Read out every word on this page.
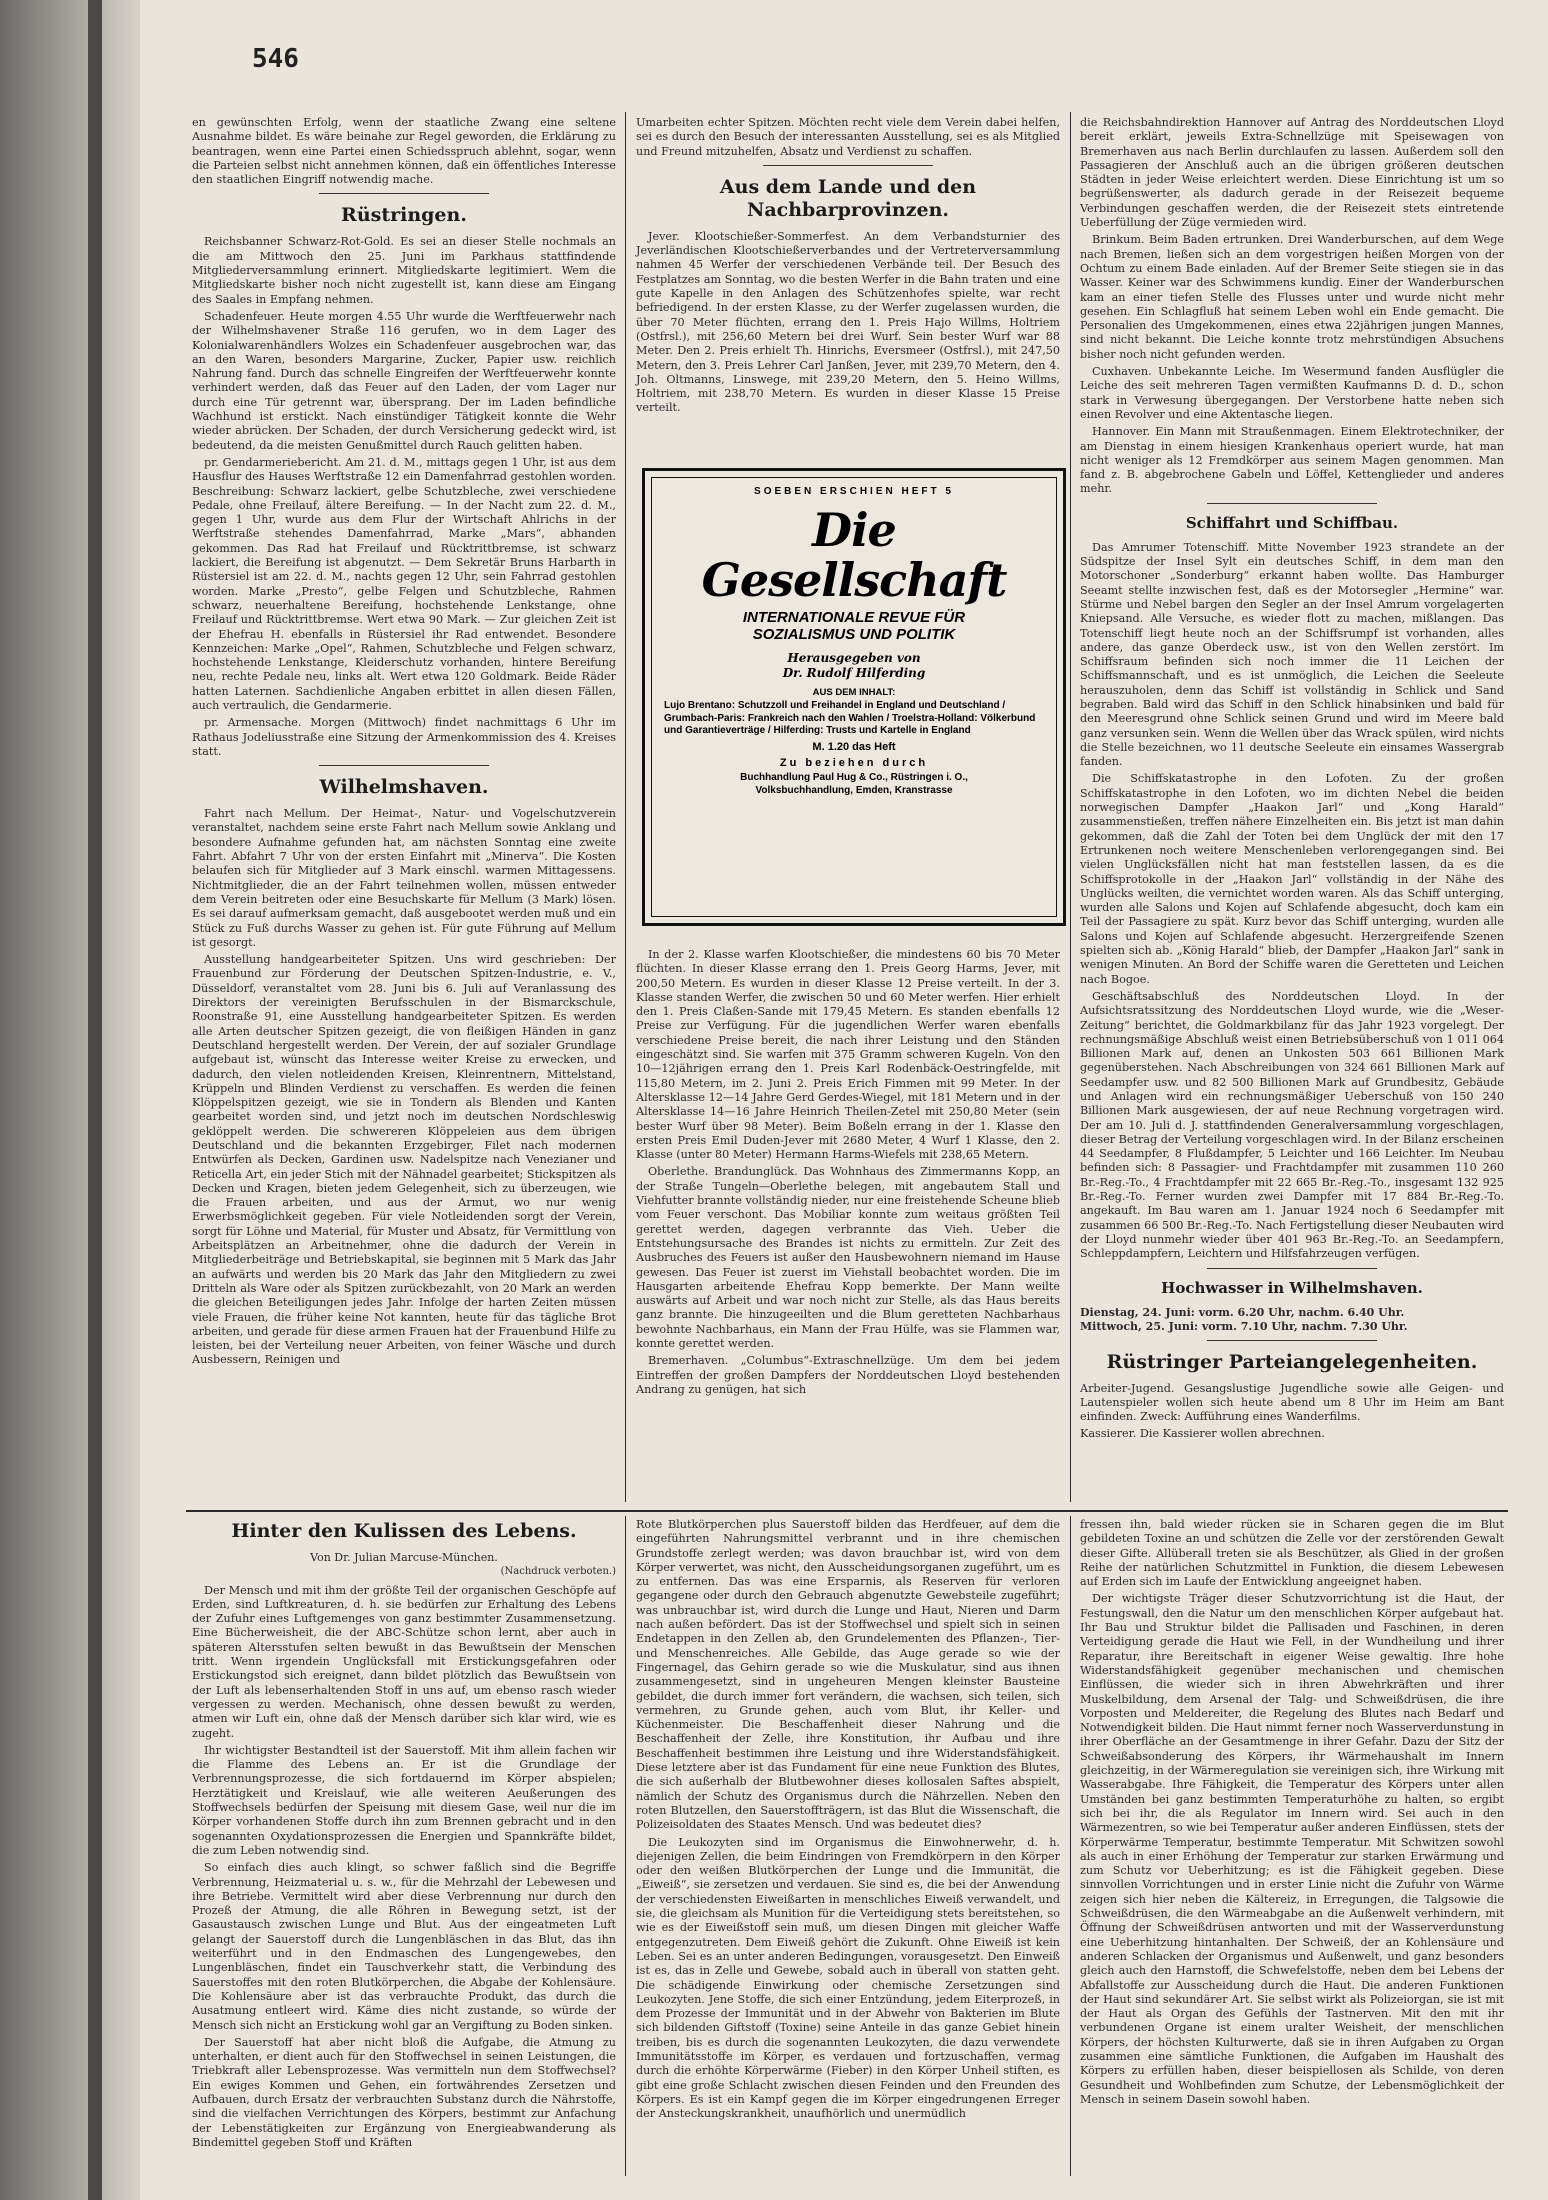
546

en gewünschten Erfolg, wenn der staatliche Zwang eine seltene Ausnahme bildet. Es wäre beinahe zur Regel geworden, die Erklärung zu beantragen, wenn eine Partei einen Schiedsspruch ablehnt, sogar, wenn die Parteien selbst nicht annehmen können, daß ein öffentliches Interesse den staatlichen Eingriff notwendig mache.

Rüstringen.

Reichsbanner Schwarz-Rot-Gold. Es sei an dieser Stelle nochmals an die am Mittwoch den 25. Juni im Parkhaus stattfindende Mitgliederversammlung erinnert. Mitgliedskarte legitimiert. Wem die Mitgliedskarte bisher noch nicht zugestellt ist, kann diese am Eingang des Saales in Empfang nehmen.

Schadenfeuer. Heute morgen 4.55 Uhr wurde die Werftfeuerwehr nach der Wilhelmshavener Straße 116 gerufen, wo in dem Lager des Kolonialwarenhändlers Wolzes ein Schadenfeuer ausgebrochen war, das an den Waren, besonders Margarine, Zucker, Papier usw. reichlich Nahrung fand. Durch das schnelle Eingreifen der Werftfeuerwehr konnte verhindert werden, daß das Feuer auf den Laden, der vom Lager nur durch eine Tür getrennt war, übersprang. Der im Laden befindliche Wachhund ist erstickt. Nach einstündiger Tätigkeit konnte die Wehr wieder abrücken. Der Schaden, der durch Versicherung gedeckt wird, ist bedeutend, da die meisten Genußmittel durch Rauch gelitten haben.

pr. Gendarmeriebericht. Am 21. d. M., mittags gegen 1 Uhr, ist aus dem Hausflur des Hauses Werftstraße 12 ein Damenfahrrad gestohlen worden. Beschreibung: Schwarz lackiert, gelbe Schutzbleche, zwei verschiedene Pedale, ohne Freilauf, ältere Bereifung. — In der Nacht zum 22. d. M., gegen 1 Uhr, wurde aus dem Flur der Wirtschaft Ahlrichs in der Werftstraße stehendes Damenfahrrad, Marke „Mars“, abhanden gekommen. Das Rad hat Freilauf und Rücktrittbremse, ist schwarz lackiert, die Bereifung ist abgenutzt. — Dem Sekretär Bruns Harbarth in Rüstersiel ist am 22. d. M., nachts gegen 12 Uhr, sein Fahrrad gestohlen worden. Marke „Presto“, gelbe Felgen und Schutzbleche, Rahmen schwarz, neuerhaltene Bereifung, hochstehende Lenkstange, ohne Freilauf und Rücktrittbremse. Wert etwa 90 Mark. — Zur gleichen Zeit ist der Ehefrau H. ebenfalls in Rüstersiel ihr Rad entwendet. Besondere Kennzeichen: Marke „Opel“, Rahmen, Schutzbleche und Felgen schwarz, hochstehende Lenkstange, Kleiderschutz vorhanden, hintere Bereifung neu, rechte Pedale neu, links alt. Wert etwa 120 Goldmark. Beide Räder hatten Laternen. Sachdienliche Angaben erbittet in allen diesen Fällen, auch vertraulich, die Gendarmerie.

pr. Armensache. Morgen (Mittwoch) findet nachmittags 6 Uhr im Rathaus Jodeliusstraße eine Sitzung der Armenkommission des 4. Kreises statt.

Wilhelmshaven.

Fahrt nach Mellum. Der Heimat-, Natur- und Vogelschutzverein veranstaltet, nachdem seine erste Fahrt nach Mellum sowie Anklang und besondere Aufnahme gefunden hat, am nächsten Sonntag eine zweite Fahrt. Abfahrt 7 Uhr von der ersten Einfahrt mit „Minerva“. Die Kosten belaufen sich für Mitglieder auf 3 Mark einschl. warmen Mittagessens. Nichtmitglieder, die an der Fahrt teilnehmen wollen, müssen entweder dem Verein beitreten oder eine Besuchskarte für Mellum (3 Mark) lösen. Es sei darauf aufmerksam gemacht, daß ausgebootet werden muß und ein Stück zu Fuß durchs Wasser zu gehen ist. Für gute Führung auf Mellum ist gesorgt.

Ausstellung handgearbeiteter Spitzen. Uns wird geschrieben: Der Frauenbund zur Förderung der Deutschen Spitzen-Industrie, e. V., Düsseldorf, veranstaltet vom 28. Juni bis 6. Juli auf Veranlassung des Direktors der vereinigten Berufsschulen in der Bismarckschule, Roonstraße 91, eine Ausstellung handgearbeiteter Spitzen. Es werden alle Arten deutscher Spitzen gezeigt, die von fleißigen Händen in ganz Deutschland hergestellt werden. Der Verein, der auf sozialer Grundlage aufgebaut ist, wünscht das Interesse weiter Kreise zu erwecken, und dadurch, den vielen notleidenden Kreisen, Kleinrentnern, Mittelstand, Krüppeln und Blinden Verdienst zu verschaffen. Es werden die feinen Klöppelspitzen gezeigt, wie sie in Tondern als Blenden und Kanten gearbeitet worden sind, und jetzt noch im deutschen Nordschleswig geklöppelt werden. Die schwereren Klöppeleien aus dem übrigen Deutschland und die bekannten Erzgebirger, Filet nach modernen Entwürfen als Decken, Gardinen usw. Nadelspitze nach Venezianer und Reticella Art, ein jeder Stich mit der Nähnadel gearbeitet; Stickspitzen als Decken und Kragen, bieten jedem Gelegenheit, sich zu überzeugen, wie die Frauen arbeiten, und aus der Armut, wo nur wenig Erwerbsmöglichkeit gegeben. Für viele Notleidenden sorgt der Verein, sorgt für Löhne und Material, für Muster und Absatz, für Vermittlung von Arbeitsplätzen an Arbeitnehmer, ohne die dadurch der Verein in Mitgliederbeiträge und Betriebskapital, sie beginnen mit 5 Mark das Jahr an aufwärts und werden bis 20 Mark das Jahr den Mitgliedern zu zwei Dritteln als Ware oder als Spitzen zurückbezahlt, von 20 Mark an werden die gleichen Beteiligungen jedes Jahr. Infolge der harten Zeiten müssen viele Frauen, die früher keine Not kannten, heute für das tägliche Brot arbeiten, und gerade für diese armen Frauen hat der Frauenbund Hilfe zu leisten, bei der Verteilung neuer Arbeiten, von feiner Wäsche und durch Ausbessern, Reinigen und

Umarbeiten echter Spitzen. Möchten recht viele dem Verein dabei helfen, sei es durch den Besuch der interessanten Ausstellung, sei es als Mitglied und Freund mitzuhelfen, Absatz und Verdienst zu schaffen.

Aus dem Lande und den Nachbarprovinzen.

Jever. Klootschießer-Sommerfest. An dem Verbandsturnier des Jeverländischen Klootschießerverbandes und der Vertreterversammlung nahmen 45 Werfer der verschiedenen Verbände teil. Der Besuch des Festplatzes am Sonntag, wo die besten Werfer in die Bahn traten und eine gute Kapelle in den Anlagen des Schützenhofes spielte, war recht befriedigend. In der ersten Klasse, zu der Werfer zugelassen wurden, die über 70 Meter flüchten, errang den 1. Preis Hajo Willms, Holtriem (Ostfrsl.), mit 256,60 Metern bei drei Wurf. Sein bester Wurf war 88 Meter. Den 2. Preis erhielt Th. Hinrichs, Eversmeer (Ostfrsl.), mit 247,50 Metern, den 3. Preis Lehrer Carl Janßen, Jever, mit 239,70 Metern, den 4. Joh. Oltmanns, Linswege, mit 239,20 Metern, den 5. Heino Willms, Holtriem, mit 238,70 Metern. Es wurden in dieser Klasse 15 Preise verteilt.

SOEBEN ERSCHIEN HEFT 5
Die
Gesellschaft
INTERNATIONALE REVUE FÜR
SOZIALISMUS UND POLITIK
Herausgegeben von
Dr. Rudolf Hilferding
AUS DEM INHALT:
Lujo Brentano: Schutzzoll und Freihandel in England und Deutschland / Grumbach-Paris: Frankreich nach den Wahlen / Troelstra-Holland: Völkerbund und Garantieverträge / Hilferding: Trusts und Kartelle in England
M. 1.20 das Heft
Zu beziehen durch
Buchhandlung Paul Hug & Co., Rüstringen i. O.,
Volksbuchhandlung, Emden, Kranstrasse

In der 2. Klasse warfen Klootschießer, die mindestens 60 bis 70 Meter flüchten. In dieser Klasse errang den 1. Preis Georg Harms, Jever, mit 200,50 Metern. Es wurden in dieser Klasse 12 Preise verteilt. In der 3. Klasse standen Werfer, die zwischen 50 und 60 Meter werfen. Hier erhielt den 1. Preis Claßen-Sande mit 179,45 Metern. Es standen ebenfalls 12 Preise zur Verfügung. Für die jugendlichen Werfer waren ebenfalls verschiedene Preise bereit, die nach ihrer Leistung und den Ständen eingeschätzt sind. Sie warfen mit 375 Gramm schweren Kugeln. Von den 10—12jährigen errang den 1. Preis Karl Rodenbäck-Oestringfelde, mit 115,80 Metern, im 2. Juni 2. Preis Erich Fimmen mit 99 Meter. In der Altersklasse 12—14 Jahre Gerd Gerdes-Wiegel, mit 181 Metern und in der Altersklasse 14—16 Jahre Heinrich Theilen-Zetel mit 250,80 Meter (sein bester Wurf über 98 Meter). Beim Boßeln errang in der 1. Klasse den ersten Preis Emil Duden-Jever mit 2680 Meter, 4 Wurf 1 Klasse, den 2. Klasse (unter 80 Meter) Hermann Harms-Wiefels mit 238,65 Metern.

Oberlethe. Brandunglück. Das Wohnhaus des Zimmermanns Kopp, an der Straße Tungeln—Oberlethe belegen, mit angebautem Stall und Viehfutter brannte vollständig nieder, nur eine freistehende Scheune blieb vom Feuer verschont. Das Mobiliar konnte zum weitaus größten Teil gerettet werden, dagegen verbrannte das Vieh. Ueber die Entstehungsursache des Brandes ist nichts zu ermitteln. Zur Zeit des Ausbruches des Feuers ist außer den Hausbewohnern niemand im Hause gewesen. Das Feuer ist zuerst im Viehstall beobachtet worden. Die im Hausgarten arbeitende Ehefrau Kopp bemerkte. Der Mann weilte auswärts auf Arbeit und war noch nicht zur Stelle, als das Haus bereits ganz brannte. Die hinzugeeilten und die Blum geretteten Nachbarhaus bewohnte Nachbarhaus, ein Mann der Frau Hülfe, was sie Flammen war, konnte gerettet werden.

Bremerhaven. „Columbus“-Extraschnellzüge. Um dem bei jedem Eintreffen der großen Dampfers der Norddeutschen Lloyd bestehenden Andrang zu genügen, hat sich

die Reichsbahndirektion Hannover auf Antrag des Norddeutschen Lloyd bereit erklärt, jeweils Extra-Schnellzüge mit Speisewagen von Bremerhaven aus nach Berlin durchlaufen zu lassen. Außerdem soll den Passagieren der Anschluß auch an die übrigen größeren deutschen Städten in jeder Weise erleichtert werden. Diese Einrichtung ist um so begrüßenswerter, als dadurch gerade in der Reisezeit bequeme Verbindungen geschaffen werden, die der Reisezeit stets eintretende Ueberfüllung der Züge vermieden wird.

Brinkum. Beim Baden ertrunken. Drei Wanderburschen, auf dem Wege nach Bremen, ließen sich an dem vorgestrigen heißen Morgen von der Ochtum zu einem Bade einladen. Auf der Bremer Seite stiegen sie in das Wasser. Keiner war des Schwimmens kundig. Einer der Wanderburschen kam an einer tiefen Stelle des Flusses unter und wurde nicht mehr gesehen. Ein Schlagfluß hat seinem Leben wohl ein Ende gemacht. Die Personalien des Umgekommenen, eines etwa 22jährigen jungen Mannes, sind nicht bekannt. Die Leiche konnte trotz mehrstündigen Absuchens bisher noch nicht gefunden werden.

Cuxhaven. Unbekannte Leiche. Im Wesermund fanden Ausflügler die Leiche des seit mehreren Tagen vermißten Kaufmanns D. d. D., schon stark in Verwesung übergegangen. Der Verstorbene hatte neben sich einen Revolver und eine Aktentasche liegen.

Hannover. Ein Mann mit Straußenmagen. Einem Elektrotechniker, der am Dienstag in einem hiesigen Krankenhaus operiert wurde, hat man nicht weniger als 12 Fremdkörper aus seinem Magen genommen. Man fand z. B. abgebrochene Gabeln und Löffel, Kettenglieder und anderes mehr.

Schiffahrt und Schiffbau.

Das Amrumer Totenschiff. Mitte November 1923 strandete an der Südspitze der Insel Sylt ein deutsches Schiff, in dem man den Motorschoner „Sonderburg“ erkannt haben wollte. Das Hamburger Seeamt stellte inzwischen fest, daß es der Motorsegler „Hermine“ war. Stürme und Nebel bargen den Segler an der Insel Amrum vorgelagerten Kniepsand. Alle Versuche, es wieder flott zu machen, mißlangen. Das Totenschiff liegt heute noch an der Schiffsrumpf ist vorhanden, alles andere, das ganze Oberdeck usw., ist von den Wellen zerstört. Im Schiffsraum befinden sich noch immer die 11 Leichen der Schiffsmannschaft, und es ist unmöglich, die Leichen die Seeleute herauszuholen, denn das Schiff ist vollständig in Schlick und Sand begraben. Bald wird das Schiff in den Schlick hinabsinken und bald für den Meeresgrund ohne Schlick seinen Grund und wird im Meere bald ganz versunken sein. Wenn die Wellen über das Wrack spülen, wird nichts die Stelle bezeichnen, wo 11 deutsche Seeleute ein einsames Wassergrab fanden.

Die Schiffskatastrophe in den Lofoten. Zu der großen Schiffskatastrophe in den Lofoten, wo im dichten Nebel die beiden norwegischen Dampfer „Haakon Jarl“ und „Kong Harald“ zusammenstießen, treffen nähere Einzelheiten ein. Bis jetzt ist man dahin gekommen, daß die Zahl der Toten bei dem Unglück der mit den 17 Ertrunkenen noch weitere Menschenleben verlorengegangen sind. Bei vielen Unglücksfällen nicht hat man feststellen lassen, da es die Schiffsprotokolle in der „Haakon Jarl“ vollständig in der Nähe des Unglücks weilten, die vernichtet worden waren. Als das Schiff unterging, wurden alle Salons und Kojen auf Schlafende abgesucht, doch kam ein Teil der Passagiere zu spät. Kurz bevor das Schiff unterging, wurden alle Salons und Kojen auf Schlafende abgesucht. Herzergreifende Szenen spielten sich ab. „König Harald“ blieb, der Dampfer „Haakon Jarl“ sank in wenigen Minuten. An Bord der Schiffe waren die Geretteten und Leichen nach Bogoe.

Geschäftsabschluß des Norddeutschen Lloyd. In der Aufsichtsratssitzung des Norddeutschen Lloyd wurde, wie die „Weser-Zeitung“ berichtet, die Goldmarkbilanz für das Jahr 1923 vorgelegt. Der rechnungsmäßige Abschluß weist einen Betriebsüberschuß von 1 011 064 Billionen Mark auf, denen an Unkosten 503 661 Billionen Mark gegenüberstehen. Nach Abschreibungen von 324 661 Billionen Mark auf Seedampfer usw. und 82 500 Billionen Mark auf Grundbesitz, Gebäude und Anlagen wird ein rechnungsmäßiger Ueberschuß von 150 240 Billionen Mark ausgewiesen, der auf neue Rechnung vorgetragen wird. Der am 10. Juli d. J. stattfindenden Generalversammlung vorgeschlagen, dieser Betrag der Verteilung vorgeschlagen wird. In der Bilanz erscheinen 44 Seedampfer, 8 Flußdampfer, 5 Leichter und 166 Leichter. Im Neubau befinden sich: 8 Passagier- und Frachtdampfer mit zusammen 110 260 Br.-Reg.-To., 4 Frachtdampfer mit 22 665 Br.-Reg.-To., insgesamt 132 925 Br.-Reg.-To. Ferner wurden zwei Dampfer mit 17 884 Br.-Reg.-To. angekauft. Im Bau waren am 1. Januar 1924 noch 6 Seedampfer mit zusammen 66 500 Br.-Reg.-To. Nach Fertigstellung dieser Neubauten wird der Lloyd nunmehr wieder über 401 963 Br.-Reg.-To. an Seedampfern, Schleppdampfern, Leichtern und Hilfsfahrzeugen verfügen.

Hochwasser in Wilhelmshaven.
Dienstag, 24. Juni: vorm. 6.20 Uhr, nachm. 6.40 Uhr.
Mittwoch, 25. Juni: vorm. 7.10 Uhr, nachm. 7.30 Uhr.
Rüstringer Parteiangelegenheiten.

Arbeiter-Jugend. Gesangslustige Jugendliche sowie alle Geigen- und Lautenspieler wollen sich heute abend um 8 Uhr im Heim am Bant einfinden. Zweck: Aufführung eines Wanderfilms.

Kassierer. Die Kassierer wollen abrechnen.

Hinter den Kulissen des Lebens.
Von Dr. Julian Marcuse-München.
(Nachdruck verboten.)

Der Mensch und mit ihm der größte Teil der organischen Geschöpfe auf Erden, sind Luftkreaturen, d. h. sie bedürfen zur Erhaltung des Lebens der Zufuhr eines Luftgemenges von ganz bestimmter Zusammensetzung. Eine Bücherweisheit, die der ABC-Schütze schon lernt, aber auch in späteren Altersstufen selten bewußt in das Bewußtsein der Menschen tritt. Wenn irgendein Unglücksfall mit Erstickungsgefahren oder Erstickungstod sich ereignet, dann bildet plötzlich das Bewußtsein von der Luft als lebenserhaltenden Stoff in uns auf, um ebenso rasch wieder vergessen zu werden. Mechanisch, ohne dessen bewußt zu werden, atmen wir Luft ein, ohne daß der Mensch darüber sich klar wird, wie es zugeht.

Ihr wichtigster Bestandteil ist der Sauerstoff. Mit ihm allein fachen wir die Flamme des Lebens an. Er ist die Grundlage der Verbrennungsprozesse, die sich fortdauernd im Körper abspielen; Herztätigkeit und Kreislauf, wie alle weiteren Aeußerungen des Stoffwechsels bedürfen der Speisung mit diesem Gase, weil nur die im Körper vorhandenen Stoffe durch ihn zum Brennen gebracht und in den sogenannten Oxydationsprozessen die Energien und Spannkräfte bildet, die zum Leben notwendig sind.

So einfach dies auch klingt, so schwer faßlich sind die Begriffe Verbrennung, Heizmaterial u. s. w., für die Mehrzahl der Lebewesen und ihre Betriebe. Vermittelt wird aber diese Verbrennung nur durch den Prozeß der Atmung, die alle Röhren in Bewegung setzt, ist der Gasaustausch zwischen Lunge und Blut. Aus der eingeatmeten Luft gelangt der Sauerstoff durch die Lungenbläschen in das Blut, das ihn weiterführt und in den Endmaschen des Lungengewebes, den Lungenbläschen, findet ein Tauschverkehr statt, die Verbindung des Sauerstoffes mit den roten Blutkörperchen, die Abgabe der Kohlensäure. Die Kohlensäure aber ist das verbrauchte Produkt, das durch die Ausatmung entleert wird. Käme dies nicht zustande, so würde der Mensch sich nicht an Erstickung wohl gar an Vergiftung zu Boden sinken.

Der Sauerstoff hat aber nicht bloß die Aufgabe, die Atmung zu unterhalten, er dient auch für den Stoffwechsel in seinen Leistungen, die Triebkraft aller Lebensprozesse. Was vermitteln nun dem Stoffwechsel? Ein ewiges Kommen und Gehen, ein fortwährendes Zersetzen und Aufbauen, durch Ersatz der verbrauchten Substanz durch die Nährstoffe, sind die vielfachen Verrichtungen des Körpers, bestimmt zur Anfachung der Lebenstätigkeiten zur Ergänzung von Energieabwanderung als Bindemittel gegeben Stoff und Kräften

Rote Blutkörperchen plus Sauerstoff bilden das Herdfeuer, auf dem die eingeführten Nahrungsmittel verbrannt und in ihre chemischen Grundstoffe zerlegt werden; was davon brauchbar ist, wird von dem Körper verwertet, was nicht, den Ausscheidungsorganen zugeführt, um es zu entfernen. Das was eine Ersparnis, als Reserven für verloren gegangene oder durch den Gebrauch abgenutzte Gewebsteile zugeführt; was unbrauchbar ist, wird durch die Lunge und Haut, Nieren und Darm nach außen befördert. Das ist der Stoffwechsel und spielt sich in seinen Endetappen in den Zellen ab, den Grundelementen des Pflanzen-, Tier- und Menschenreiches. Alle Gebilde, das Auge gerade so wie der Fingernagel, das Gehirn gerade so wie die Muskulatur, sind aus ihnen zusammengesetzt, sind in ungeheuren Mengen kleinster Bausteine gebildet, die durch immer fort verändern, die wachsen, sich teilen, sich vermehren, zu Grunde gehen, auch vom Blut, ihr Keller- und Küchenmeister. Die Beschaffenheit dieser Nahrung und die Beschaffenheit der Zelle, ihre Konstitution, ihr Aufbau und ihre Beschaffenheit bestimmen ihre Leistung und ihre Widerstandsfähigkeit. Diese letztere aber ist das Fundament für eine neue Funktion des Blutes, die sich außerhalb der Blutbewohner dieses kollosalen Saftes abspielt, nämlich der Schutz des Organismus durch die Nährzellen. Neben den roten Blutzellen, den Sauerstoffträgern, ist das Blut die Wissenschaft, die Polizeisoldaten des Staates Mensch. Und was bedeutet dies?

Die Leukozyten sind im Organismus die Einwohnerwehr, d. h. diejenigen Zellen, die beim Eindringen von Fremdkörpern in den Körper oder den weißen Blutkörperchen der Lunge und die Immunität, die „Eiweiß“, sie zersetzen und verdauen. Sie sind es, die bei der Anwendung der verschiedensten Eiweißarten in menschliches Eiweiß verwandelt, und sie, die gleichsam als Munition für die Verteidigung stets bereitstehen, so wie es der Eiweißstoff sein muß, um diesen Dingen mit gleicher Waffe entgegenzutreten. Dem Eiweiß gehört die Zukunft. Ohne Eiweiß ist kein Leben. Sei es an unter anderen Bedingungen, vorausgesetzt. Den Einweiß ist es, das in Zelle und Gewebe, sobald auch in überall von statten geht. Die schädigende Einwirkung oder chemische Zersetzungen sind Leukozyten. Jene Stoffe, die sich einer Entzündung, jedem Eiterprozeß, in dem Prozesse der Immunität und in der Abwehr von Bakterien im Blute sich bildenden Giftstoff (Toxine) seine Anteile in das ganze Gebiet hinein treiben, bis es durch die sogenannten Leukozyten, die dazu verwendete Immunitätsstoffe im Körper, es verdauen und fortzuschaffen, vermag durch die erhöhte Körperwärme (Fieber) in den Körper Unheil stiften, es gibt eine große Schlacht zwischen diesen Feinden und den Freunden des Körpers. Es ist ein Kampf gegen die im Körper eingedrungenen Erreger der Ansteckungskrankheit, unaufhörlich und unermüdlich

fressen ihn, bald wieder rücken sie in Scharen gegen die im Blut gebildeten Toxine an und schützen die Zelle vor der zerstörenden Gewalt dieser Gifte. Allüberall treten sie als Beschützer, als Glied in der großen Reihe der natürlichen Schutzmittel in Funktion, die diesem Lebewesen auf Erden sich im Laufe der Entwicklung angeeignet haben.

Der wichtigste Träger dieser Schutzvorrichtung ist die Haut, der Festungswall, den die Natur um den menschlichen Körper aufgebaut hat. Ihr Bau und Struktur bildet die Pallisaden und Faschinen, in deren Verteidigung gerade die Haut wie Fell, in der Wundheilung und ihrer Reparatur, ihre Bereitschaft in eigener Weise gewaltig. Ihre hohe Widerstandsfähigkeit gegenüber mechanischen und chemischen Einflüssen, die wieder sich in ihren Abwehrkräften und ihrer Muskelbildung, dem Arsenal der Talg- und Schweißdrüsen, die ihre Vorposten und Meldereiter, die Regelung des Blutes nach Bedarf und Notwendigkeit bilden. Die Haut nimmt ferner noch Wasserverdunstung in ihrer Oberfläche an der Gesamtmenge in ihrer Gefahr. Dazu der Sitz der Schweißabsonderung des Körpers, ihr Wärmehaushalt im Innern gleichzeitig, in der Wärmeregulation sie vereinigen sich, ihre Wirkung mit Wasserabgabe. Ihre Fähigkeit, die Temperatur des Körpers unter allen Umständen bei ganz bestimmten Temperaturhöhe zu halten, so ergibt sich bei ihr, die als Regulator im Innern wird. Sei auch in den Wärmezentren, so wie bei Temperatur außer anderen Einflüssen, stets der Körperwärme Temperatur, bestimmte Temperatur. Mit Schwitzen sowohl als auch in einer Erhöhung der Temperatur zur starken Erwärmung und zum Schutz vor Ueberhitzung; es ist die Fähigkeit gegeben. Diese sinnvollen Vorrichtungen und in erster Linie nicht die Zufuhr von Wärme zeigen sich hier neben die Kältereiz, in Erregungen, die Talgsowie die Schweißdrüsen, die den Wärmeabgabe an die Außenwelt verhindern, mit Öffnung der Schweißdrüsen antworten und mit der Wasserverdunstung eine Ueberhitzung hintanhalten. Der Schweiß, der an Kohlensäure und anderen Schlacken der Organismus und Außenwelt, und ganz besonders gleich auch den Harnstoff, die Schwefelstoffe, neben dem bei Lebens der Abfallstoffe zur Ausscheidung durch die Haut. Die anderen Funktionen der Haut sind sekundärer Art. Sie selbst wirkt als Polizeiorgan, sie ist mit der Haut als Organ des Gefühls der Tastnerven. Mit den mit ihr verbundenen Organe ist einem uralter Weisheit, der menschlichen Körpers, der höchsten Kulturwerte, daß sie in ihren Aufgaben zu Organ zusammen eine sämtliche Funktionen, die Aufgaben im Haushalt des Körpers zu erfüllen haben, dieser beispiellosen als Schilde, von deren Gesundheit und Wohlbefinden zum Schutze, der Lebensmöglichkeit der Mensch in seinem Dasein sowohl haben.
